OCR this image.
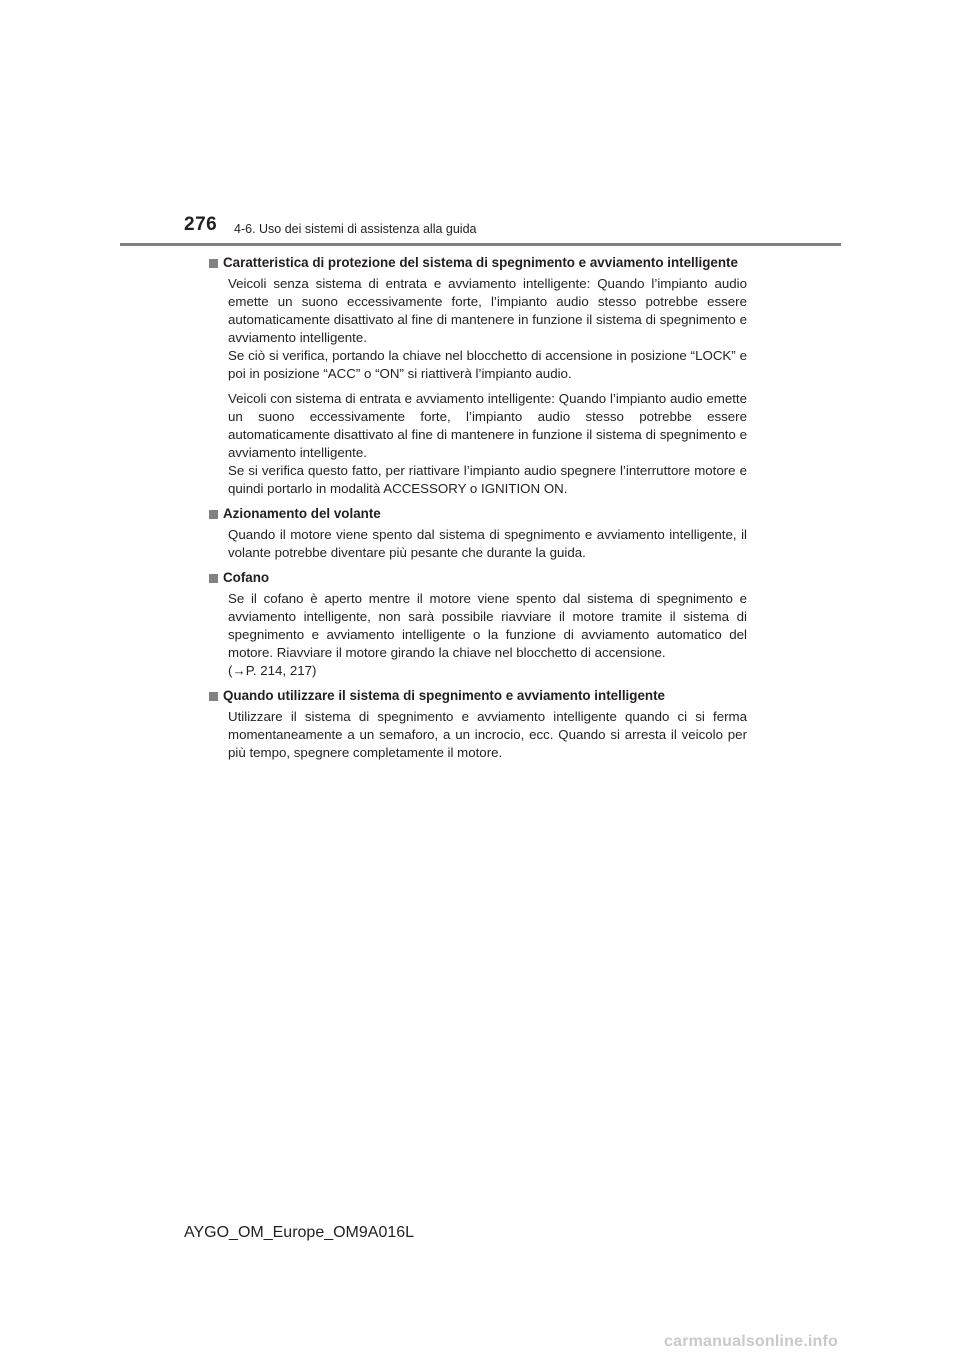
276 4-6. Uso dei sistemi di assistenza alla guida
Caratteristica di protezione del sistema di spegnimento e avviamento intelligente

Veicoli senza sistema di entrata e avviamento intelligente: Quando l’impianto audio emette un suono eccessivamente forte, l’impianto audio stesso potrebbe essere automaticamente disattivato al fine di mantenere in funzione il sistema di spegnimento e avviamento intelligente.
Se ciò si verifica, portando la chiave nel blocchetto di accensione in posizione “LOCK” e poi in posizione “ACC” o “ON” si riattiverà l’impianto audio.

Veicoli con sistema di entrata e avviamento intelligente: Quando l’impianto audio emette un suono eccessivamente forte, l’impianto audio stesso potrebbe essere automaticamente disattivato al fine di mantenere in funzione il sistema di spegnimento e avviamento intelligente.
Se si verifica questo fatto, per riattivare l’impianto audio spegnere l’interruttore motore e quindi portarlo in modalità ACCESSORY o IGNITION ON.

Azionamento del volante

Quando il motore viene spento dal sistema di spegnimento e avviamento intelligente, il volante potrebbe diventare più pesante che durante la guida.

Cofano

Se il cofano è aperto mentre il motore viene spento dal sistema di spegnimento e avviamento intelligente, non sarà possibile riavviare il motore tramite il sistema di spegnimento e avviamento intelligente o la funzione di avviamento automatico del motore. Riavviare il motore girando la chiave nel blocchetto di accensione.
(→P. 214, 217)

Quando utilizzare il sistema di spegnimento e avviamento intelligente

Utilizzare il sistema di spegnimento e avviamento intelligente quando ci si ferma momentaneamente a un semaforo, a un incrocio, ecc. Quando si arresta il veicolo per più tempo, spegnere completamente il motore.

AYGO_OM_Europe_OM9A016L
carmanualsonline.info
